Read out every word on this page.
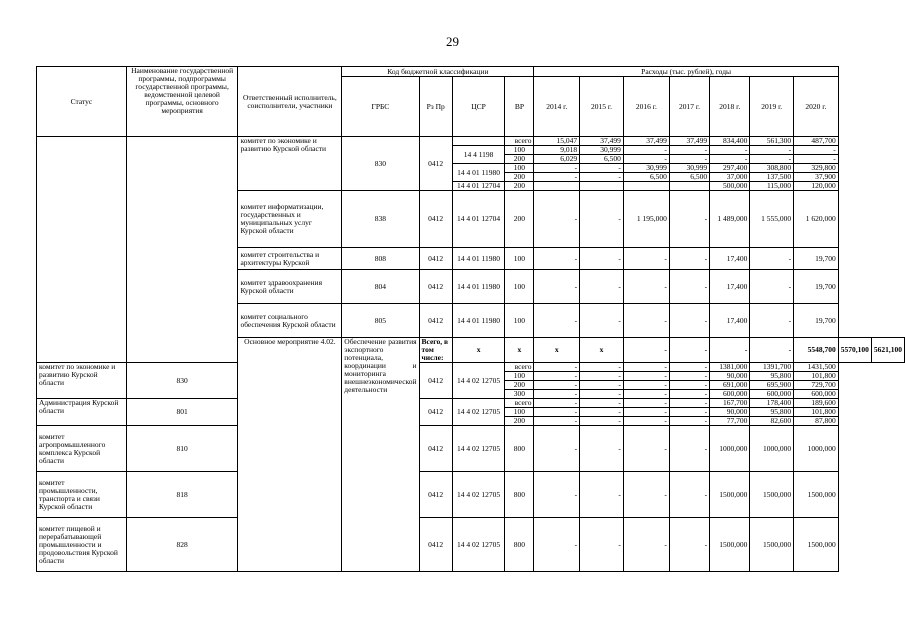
29
Статус	Наименование государственной программы, подпрограммы государственной программы, ведомственной целевой программы, основного мероприятия	Ответственный исполнитель, соисполнители, участники	Код бюджетной классификации				Расходы (тыс. рублей), годы								
			ГРБС	Рз Пр	ЦСР	ВР	2014 г.	2015 г.	2016 г.	2017 г.	2018 г.	2019 г.	2020 г.		
		комитет по экономике и развитию Курской области	830	0412		всего	15,047	37,499	37,499	37,499	834,400	561,300	487,700		
					14 4 1198	100	9,018	30,999	-	-	-	-	-		
						200	6,029	6,500	-	-	-	-	-		
					14 4 01 11980	100	-	-	30,999	30,999	297,400	308,800	329,800		
						200	-	-	6,500	6,500	37,000	137,500	37,900		
					14 4 01 12704	200					500,000	115,000	120,000		
		комитет информатизации, государственных и муниципальных услуг Курской области	838	0412	14 4 01 12704	200	-	-	1 195,000	-	1 489,000	1 555,000	1 620,000		
		комитет строительства и архитектуры Курской	808	0412	14 4 01 11980	100	-	-	-	-	17,400	-	19,700		
		комитет здравоохранения Курской области	804	0412	14 4 01 11980	100	-	-	-	-	17,400	-	19,700		
		комитет социального обеспечения Курской области	805	0412	14 4 01 11980	100	-	-	-	-	17,400	-	19,700		
		Основное мероприятие 4.02.	Обеспечение развития экспортного потенциала, координации и мониторинга внешнеэкономической деятельности	Всего, в том числе:	х	х	х	х	-	-	-	-	5548,700	5570,100	5621,100
комитет по экономике и развитию Курской области	830			0412	14 4 02 12705	всего	-	-	-	-	1381,000	1391,700	1431,500		
						100	-	-	-	-	90,000	95,800	101,800		
						200	-	-	-	-	691,000	695,900	729,700		
						300	-	-	-	-	600,000	600,000	600,000		
Администрация Курской области	801			0412	14 4 02 12705	всего	-	-	-	-	167,700	178,400	189,600		
						100	-	-	-	-	90,000	95,800	101,800		
						200	-	-	-	-	77,700	82,600	87,800		
комитет агропромышленного комплекса Курской области	810			0412	14 4 02 12705	800	-	-	-	-	1000,000	1000,000	1000,000		
комитет промышленности, транспорта и связи Курской области	818			0412	14 4 02 12705	800	-	-	-	-	1500,000	1500,000	1500,000		
комитет пищевой и перерабатывающей промышленности и продовольствия Курской области	828			0412	14 4 02 12705	800	-	-	-	-	1500,000	1500,000	1500,000		
